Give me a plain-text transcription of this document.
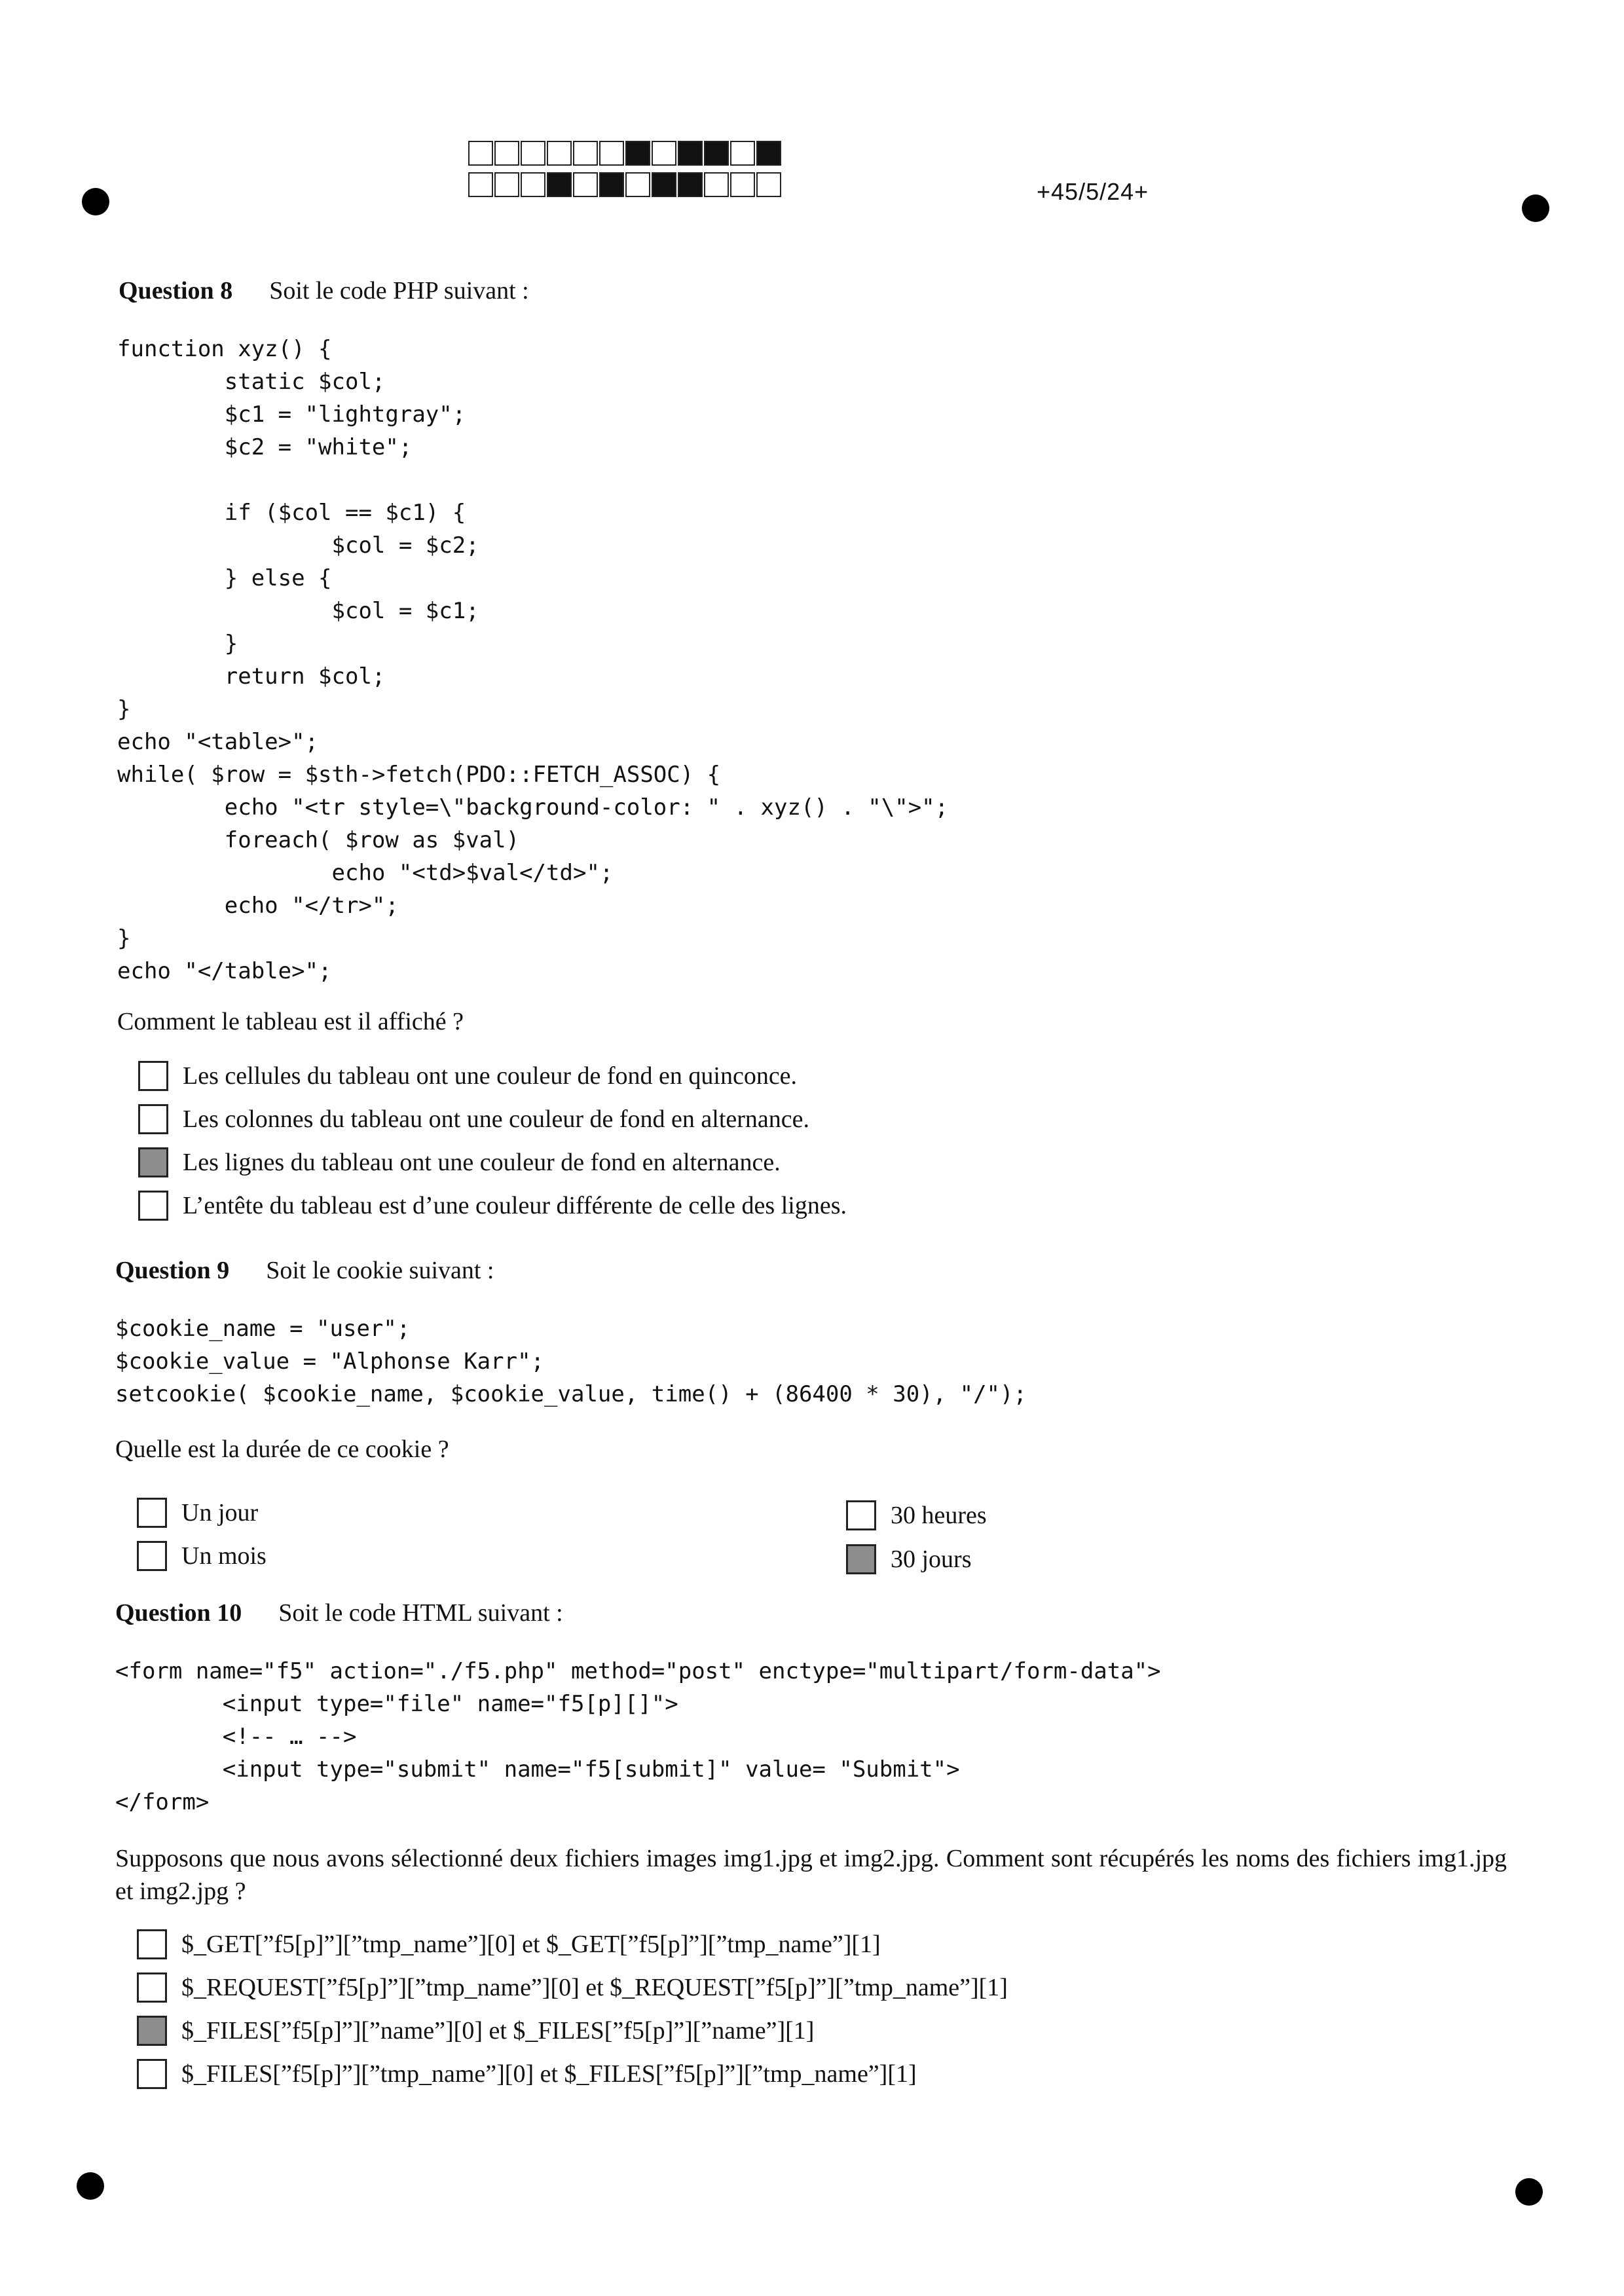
+45/5/24+
Question 8 Soit le code PHP suivant :
function xyz() {
static $col;
$c1 = "lightgray";
$c2 = "white";

if ($col == $c1) {
$col = $c2;
} else {
$col = $c1;
}
return $col;
}
echo "<table>";
while( $row = $sth->fetch(PDO::FETCH_ASSOC) {
echo "<tr style=\"background-color: " . xyz() . "\">";
foreach( $row as $val)
echo "<td>$val</td>";
echo "</tr>";
}
echo "</table>";
Comment le tableau est il affiché ?
Les cellules du tableau ont une couleur de fond en quinconce.
Les colonnes du tableau ont une couleur de fond en alternance.
Les lignes du tableau ont une couleur de fond en alternance.
L’entête du tableau est d’une couleur différente de celle des lignes.
Question 9 Soit le cookie suivant :
$cookie_name = "user";
$cookie_value = "Alphonse Karr";
setcookie( $cookie_name, $cookie_value, time() + (86400 * 30), "/");
Quelle est la durée de ce cookie ?
Un jour
Un mois
30 heures
30 jours
Question 10 Soit le code HTML suivant :
<form name="f5" action="./f5.php" method="post" enctype="multipart/form-data">
<input type="file" name="f5[p][]">
<!-- … -->
<input type="submit" name="f5[submit]" value= "Submit">
</form>
Supposons que nous avons sélectionné deux fichiers images img1.jpg et img2.jpg. Comment sont récupérés les noms des fichiers img1.jpg et img2.jpg ?
$_GET[”f5[p]”][”tmp_name”][0] et $_GET[”f5[p]”][”tmp_name”][1]
$_REQUEST[”f5[p]”][”tmp_name”][0] et $_REQUEST[”f5[p]”][”tmp_name”][1]
$_FILES[”f5[p]”][”name”][0] et $_FILES[”f5[p]”][”name”][1]
$_FILES[”f5[p]”][”tmp_name”][0] et $_FILES[”f5[p]”][”tmp_name”][1]
